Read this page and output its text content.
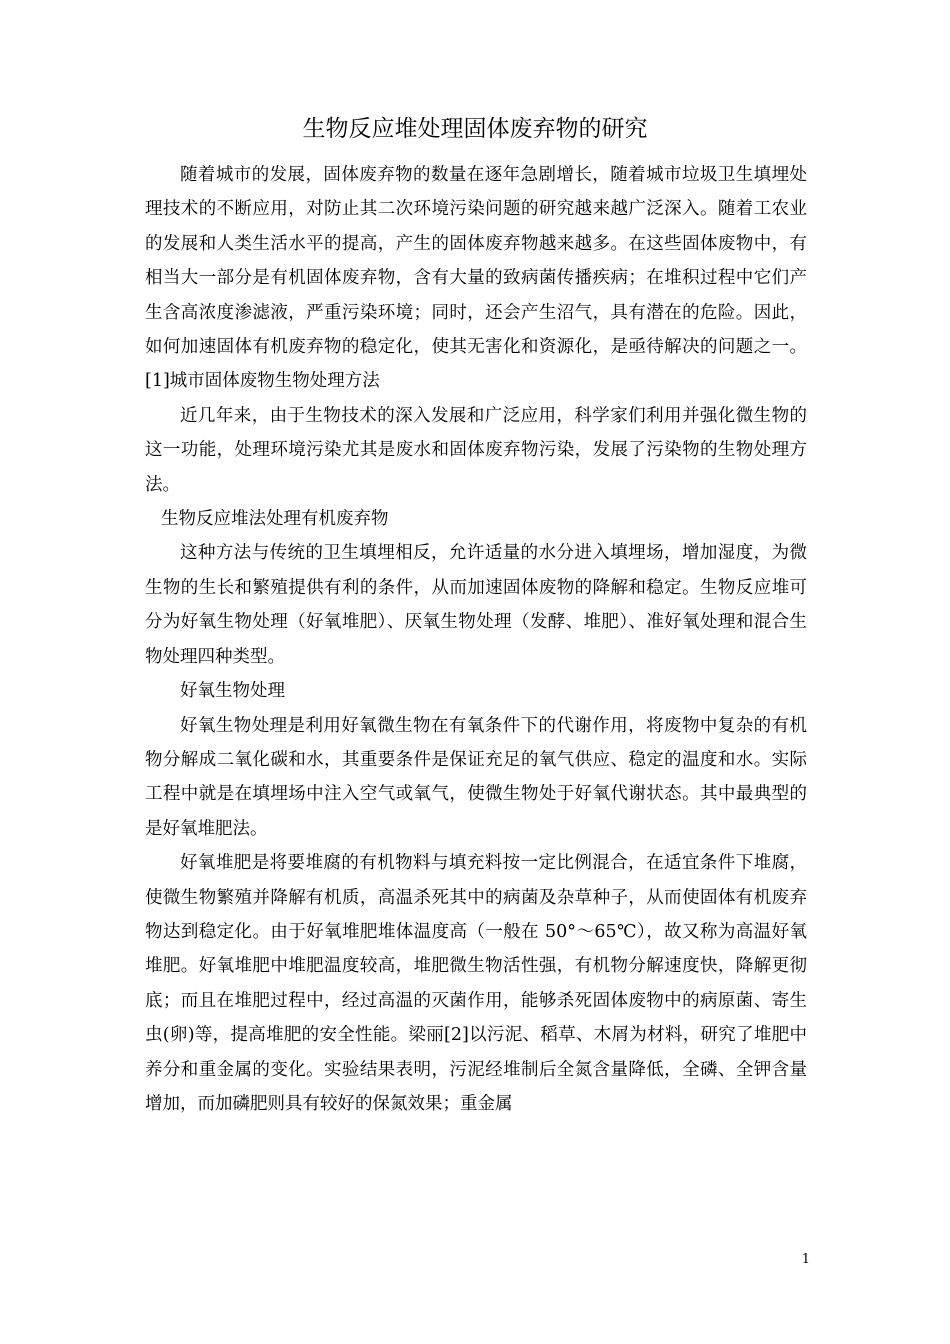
生物反应堆处理固体废弃物的研究

随着城市的发展，固体废弃物的数量在逐年急剧增长，随着城市垃圾卫生填埋处理技术的不断应用，对防止其二次环境污染问题的研究越来越广泛深入。随着工农业的发展和人类生活水平的提高，产生的固体废弃物越来越多。在这些固体废物中，有相当大一部分是有机固体废弃物，含有大量的致病菌传播疾病；在堆积过程中它们产生含高浓度渗滤液，严重污染环境；同时，还会产生沼气，具有潜在的危险。因此，如何加速固体有机废弃物的稳定化，使其无害化和资源化，是亟待解决的问题之一。[1]城市固体废物生物处理方法

近几年来，由于生物技术的深入发展和广泛应用，科学家们利用并强化微生物的这一功能，处理环境污染尤其是废水和固体废弃物污染，发展了污染物的生物处理方法。

生物反应堆法处理有机废弃物

这种方法与传统的卫生填埋相反，允许适量的水分进入填埋场，增加湿度，为微生物的生长和繁殖提供有利的条件，从而加速固体废物的降解和稳定。生物反应堆可分为好氧生物处理（好氧堆肥）、厌氧生物处理（发酵、堆肥）、准好氧处理和混合生物处理四种类型。

好氧生物处理

好氧生物处理是利用好氧微生物在有氧条件下的代谢作用，将废物中复杂的有机物分解成二氧化碳和水，其重要条件是保证充足的氧气供应、稳定的温度和水。实际工程中就是在填埋场中注入空气或氧气，使微生物处于好氧代谢状态。其中最典型的是好氧堆肥法。

好氧堆肥是将要堆腐的有机物料与填充料按一定比例混合，在适宜条件下堆腐，使微生物繁殖并降解有机质，高温杀死其中的病菌及杂草种子，从而使固体有机废弃物达到稳定化。由于好氧堆肥堆体温度高（一般在 50°～65℃），故又称为高温好氧堆肥。好氧堆肥中堆肥温度较高，堆肥微生物活性强，有机物分解速度快，降解更彻底；而且在堆肥过程中，经过高温的灭菌作用，能够杀死固体废物中的病原菌、寄生虫(卵)等，提高堆肥的安全性能。梁丽[2]以污泥、稻草、木屑为材料，研究了堆肥中养分和重金属的变化。实验结果表明，污泥经堆制后全氮含量降低，全磷、全钾含量增加，而加磷肥则具有较好的保氮效果；重金属

1
